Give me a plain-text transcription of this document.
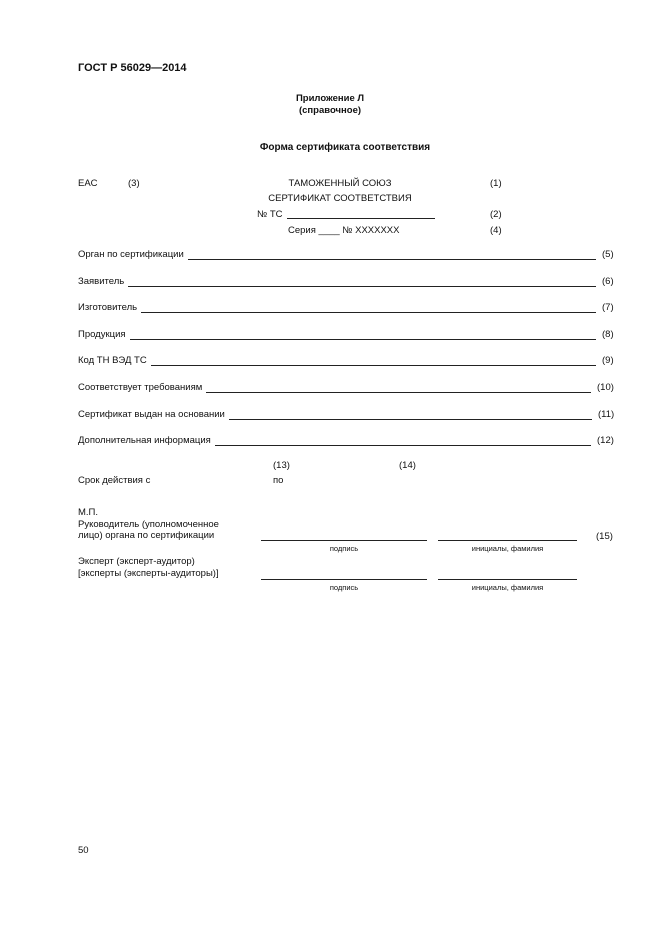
ГОСТ Р 56029—2014
Приложение Л
(справочное)
Форма сертификата соответствия
EAC	(3)	ТАМОЖЕННЫЙ СОЮЗ	(1)
СЕРТИФИКАТ СООТВЕТСТВИЯ
№ ТС	(2)
Серия ____ № XXXXXXX	(4)
Орган по сертификации	(5)
Заявитель	(6)
Изготовитель	(7)
Продукция	(8)
Код ТН ВЭД ТС	(9)
Соответствует требованиям	(10)
Сертификат выдан на основании	(11)
Дополнительная информация	(12)
(13)	(14)
Срок действия с	по
М.П.
Руководитель (уполномоченное
лицо) органа по сертификации	(15)
подпись	инициалы, фамилия
Эксперт (эксперт-аудитор)
[эксперты (эксперты-аудиторы)]
подпись	инициалы, фамилия
50
